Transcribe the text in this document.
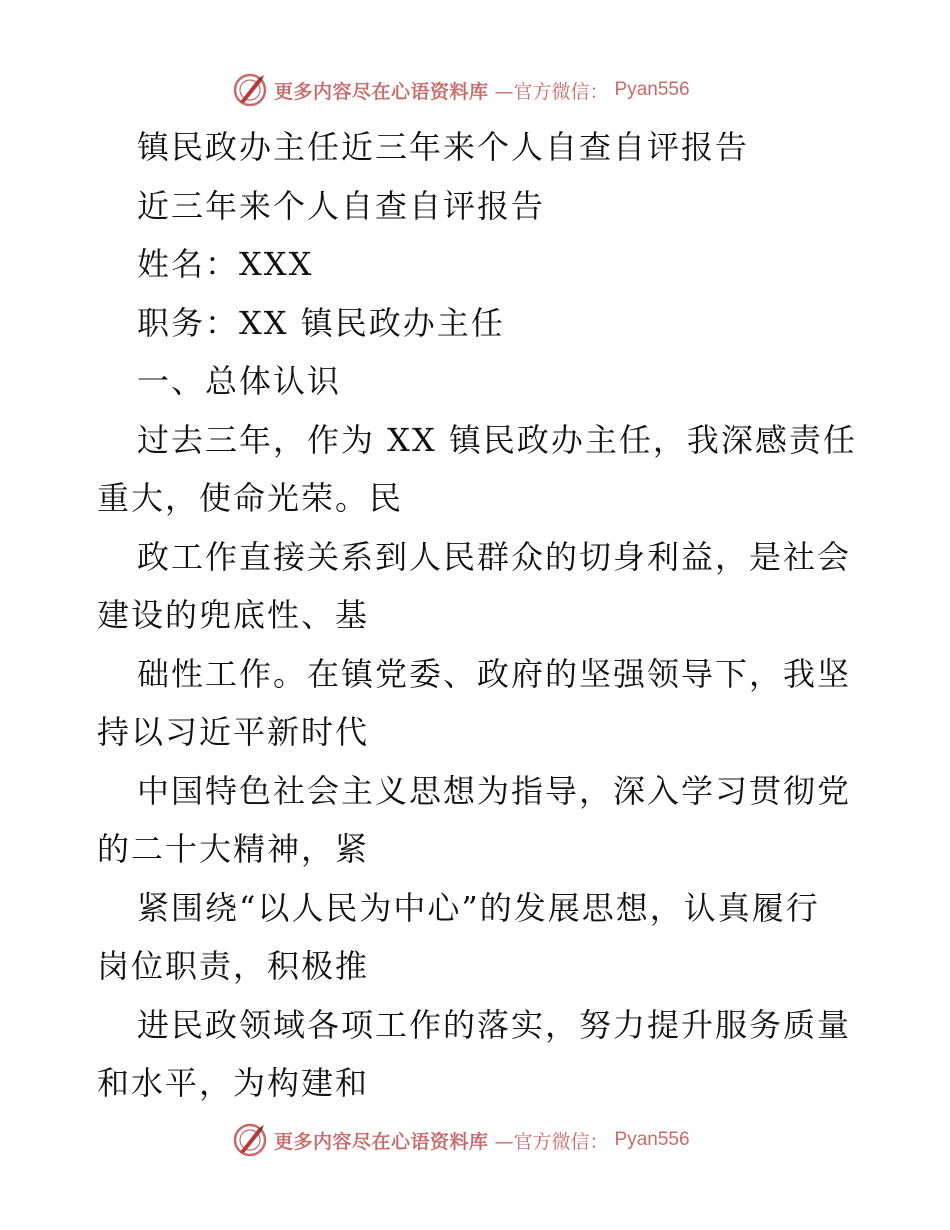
更多内容尽在心语资料库 —官方微信： Pyan556
镇民政办主任近三年来个人自查自评报告
近三年来个人自查自评报告
姓名：XXX
职务：XX 镇民政办主任
一、总体认识
过去三年，作为 XX 镇民政办主任，我深感责任
重大，使命光荣。民
政工作直接关系到人民群众的切身利益，是社会
建设的兜底性、基
础性工作。在镇党委、政府的坚强领导下，我坚
持以习近平新时代
中国特色社会主义思想为指导，深入学习贯彻党
的二十大精神，紧
紧围绕“以人民为中心”的发展思想，认真履行
岗位职责，积极推
进民政领域各项工作的落实，努力提升服务质量
和水平，为构建和
更多内容尽在心语资料库 —官方微信： Pyan556
